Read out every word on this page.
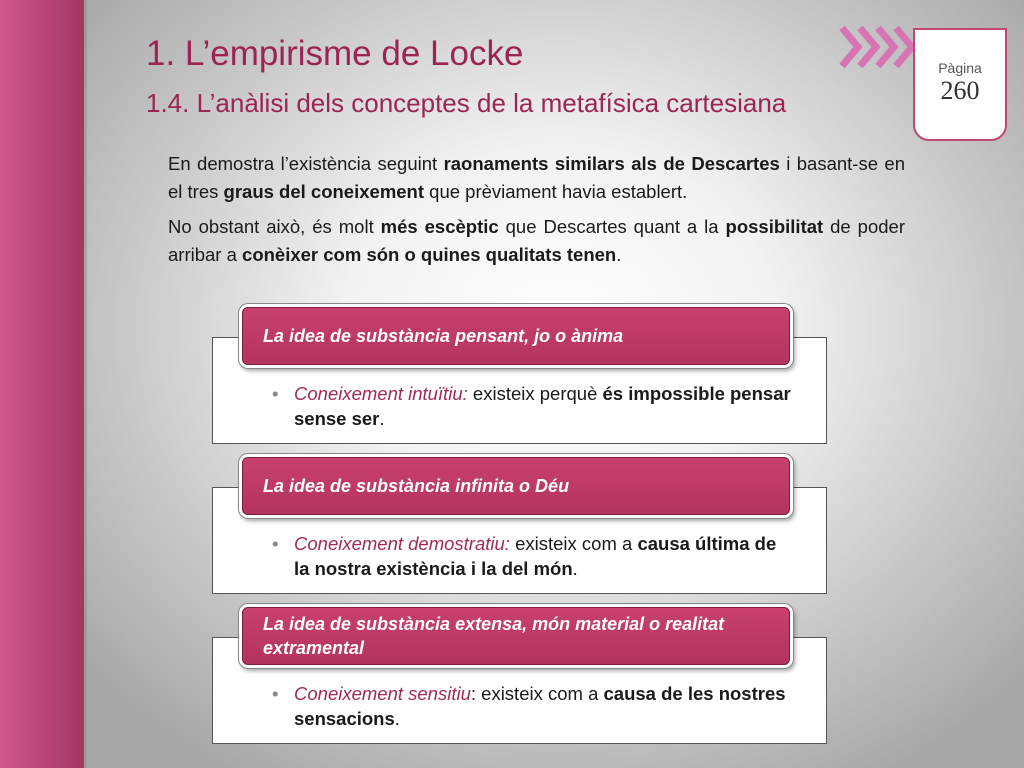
Pàgina
260
1. L’empirisme de Locke
1.4. L’anàlisi dels conceptes de la metafísica cartesiana

En demostra l’existència seguint raonaments similars als de Descartes i basant-se en el tres graus del coneixement que prèviament havia establert.

No obstant això, és molt més escèptic que Descartes quant a la possibilitat de poder arribar a conèixer com són o quines qualitats tenen.

La idea de substància pensant, jo o ànima
• Coneixement intuïtiu: existeix perquè és impossible pensar sense ser.
La idea de substància infinita o Déu
• Coneixement demostratiu: existeix com a causa última de la nostra existència i la del món.
La idea de substància extensa, món material o realitat extramental
• Coneixement sensitiu: existeix com a causa de les nostres sensacions.
